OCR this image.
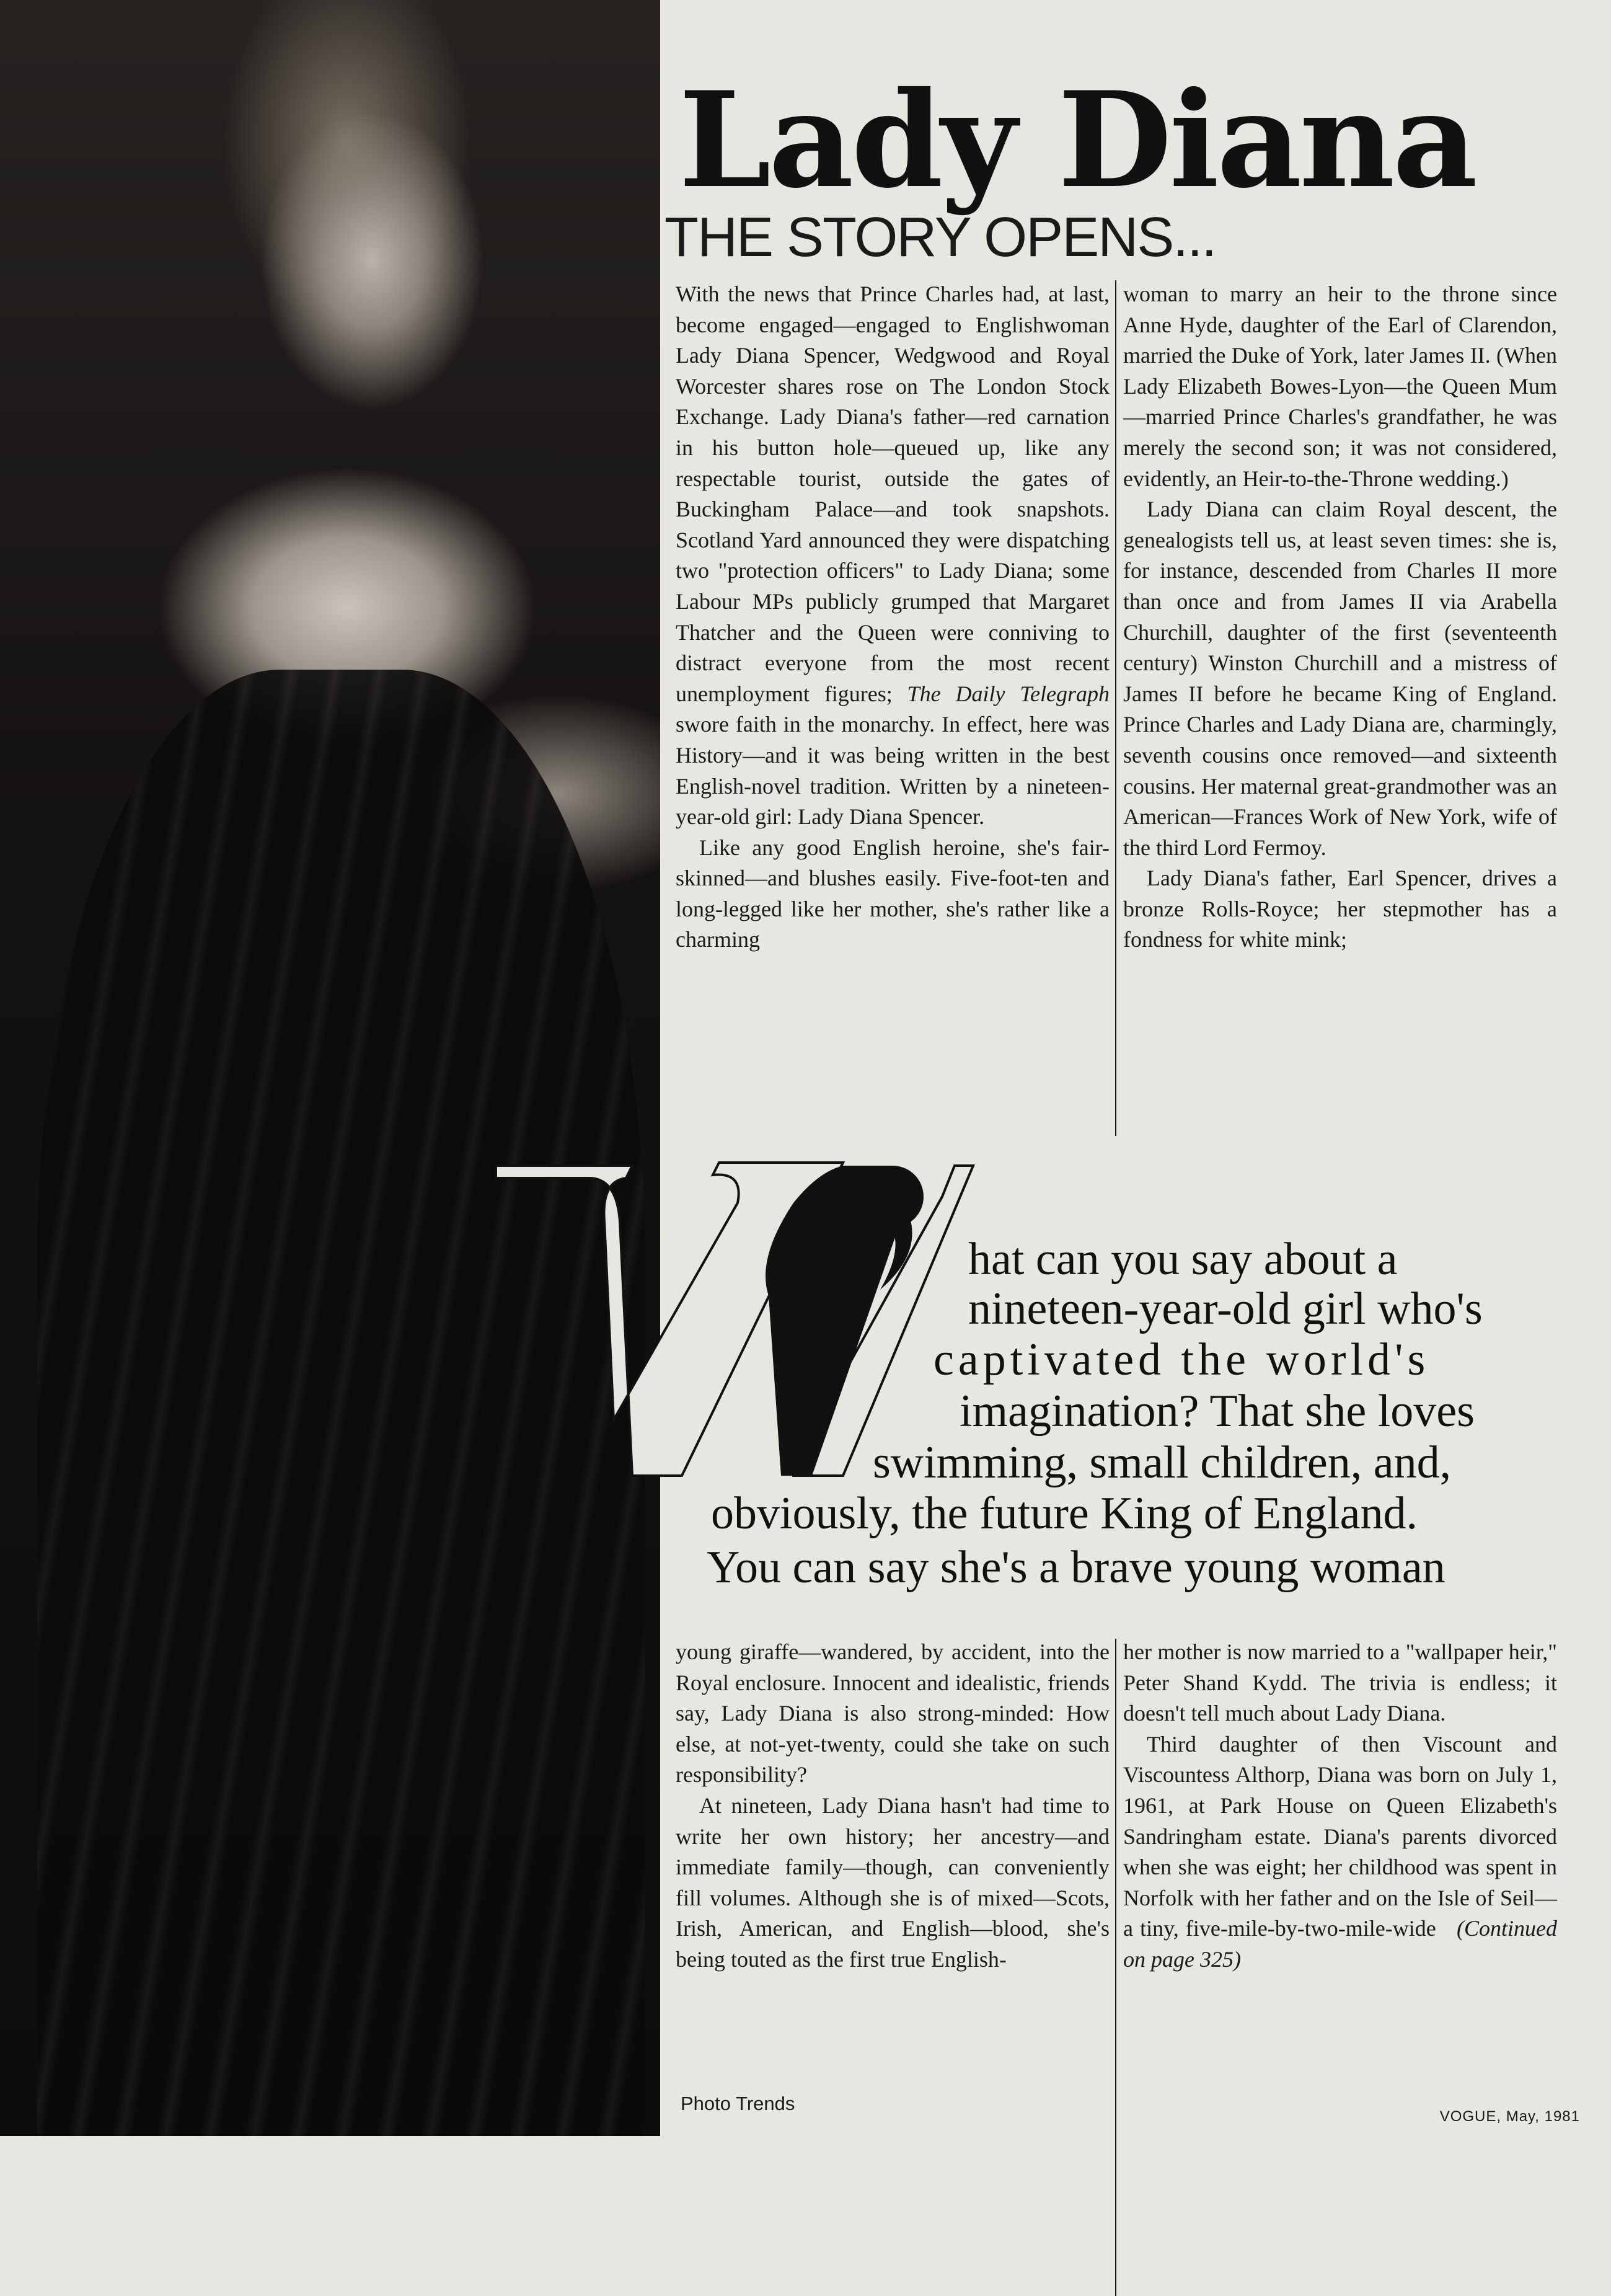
Lady Diana
THE STORY OPENS...

With the news that Prince Charles had, at last, become engaged—engaged to Englishwoman Lady Diana Spencer, Wedgwood and Royal Worcester shares rose on The London Stock Exchange. Lady Diana's father—red carnation in his button hole—queued up, like any respectable tourist, outside the gates of Buckingham Palace—and took snapshots. Scotland Yard announced they were dispatching two "protection officers" to Lady Diana; some Labour MPs publicly grumped that Margaret Thatcher and the Queen were conniving to distract everyone from the most recent unemployment figures; The Daily Telegraph swore faith in the monarchy. In effect, here was History—and it was being written in the best English-novel tradition. Written by a nineteen-year-old girl: Lady Diana Spencer.

Like any good English heroine, she's fair-skinned—and blushes easily. Five-foot-ten and long-legged like her mother, she's rather like a charming

woman to marry an heir to the throne since Anne Hyde, daughter of the Earl of Clarendon, married the Duke of York, later James II. (When Lady Elizabeth Bowes-Lyon—the Queen Mum—married Prince Charles's grandfather, he was merely the second son; it was not considered, evidently, an Heir-to-the-Throne wedding.)

Lady Diana can claim Royal descent, the genealogists tell us, at least seven times: she is, for instance, descended from Charles II more than once and from James II via Arabella Churchill, daughter of the first (seventeenth century) Winston Churchill and a mistress of James II before he became King of England. Prince Charles and Lady Diana are, charmingly, seventh cousins once removed—and sixteenth cousins. Her maternal great-grandmother was an American—Frances Work of New York, wife of the third Lord Fermoy.

Lady Diana's father, Earl Spencer, drives a bronze Rolls-Royce; her stepmother has a fondness for white mink;

hat can you say about a
nineteen-year-old girl who's
captivated the world's
imagination? That she loves
swimming, small children, and,
obviously, the future King of England.
You can say she's a brave young woman

young giraffe—wandered, by accident, into the Royal enclosure. Innocent and idealistic, friends say, Lady Diana is also strong-minded: How else, at not-yet-twenty, could she take on such responsibility?

At nineteen, Lady Diana hasn't had time to write her own history; her ancestry—and immediate family—though, can conveniently fill volumes. Although she is of mixed—Scots, Irish, American, and English—blood, she's being touted as the first true English-

her mother is now married to a "wallpaper heir," Peter Shand Kydd. The trivia is endless; it doesn't tell much about Lady Diana.

Third daughter of then Viscount and Viscountess Althorp, Diana was born on July 1, 1961, at Park House on Queen Elizabeth's Sandringham estate. Diana's parents divorced when she was eight; her childhood was spent in Norfolk with her father and on the Isle of Seil—a tiny, five-mile-by-two-mile-wide (Continued on page 325)

Photo Trends
VOGUE, May, 1981
